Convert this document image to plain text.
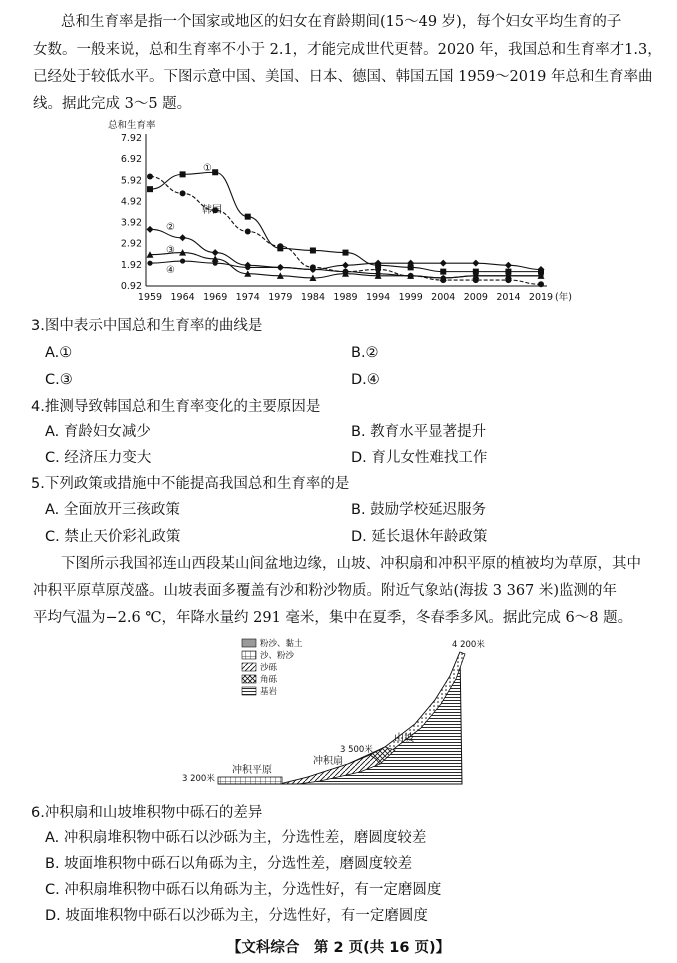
总和生育率是指一个国家或地区的妇女在育龄期间(15～49 岁)，每个妇女平均生育的子
女数。一般来说，总和生育率不小于 2.1，才能完成世代更替。2020 年，我国总和生育率才1.3，
已经处于较低水平。下图示意中国、美国、日本、德国、韩国五国 1959～2019 年总和生育率曲
线。据此完成 3～5 题。
总和生育率
7.92
6.92
5.92
4.92
3.92
2.92
1.92
0.92
1959 1964 1969 1974 1979 1984 1989 1994 1999 2004 2009 2014 2019 (年)
①
②
③
④
韩国
3.图中表示中国总和生育率的曲线是
A.①	B.②
C.③	D.④
4.推测导致韩国总和生育率变化的主要原因是
A. 育龄妇女减少	B. 教育水平显著提升
C. 经济压力变大	D. 育儿女性难找工作
5.下列政策或措施中不能提高我国总和生育率的是
A. 全面放开三孩政策	B. 鼓励学校延迟服务
C. 禁止天价彩礼政策	D. 延长退休年龄政策
下图所示我国祁连山西段某山间盆地边缘，山坡、冲积扇和冲积平原的植被均为草原，其中
冲积平原草原茂盛。山坡表面多覆盖有沙和粉沙物质。附近气象站(海拔 3 367 米)监测的年
平均气温为−2.6 ℃，年降水量约 291 毫米，集中在夏季，冬春季多风。据此完成 6～8 题。
粉沙、黏土
沙、粉沙
沙砾
角砾
基岩
4 200米
山坡
3 500米
冲积扇
3 200米
冲积平原
6.冲积扇和山坡堆积物中砾石的差异
A. 冲积扇堆积物中砾石以沙砾为主，分选性差，磨圆度较差
B. 坡面堆积物中砾石以角砾为主，分选性差，磨圆度较差
C. 冲积扇堆积物中砾石以角砾为主，分选性好，有一定磨圆度
D. 坡面堆积物中砾石以沙砾为主，分选性好，有一定磨圆度
【文科综合　第 2 页(共 16 页)】
